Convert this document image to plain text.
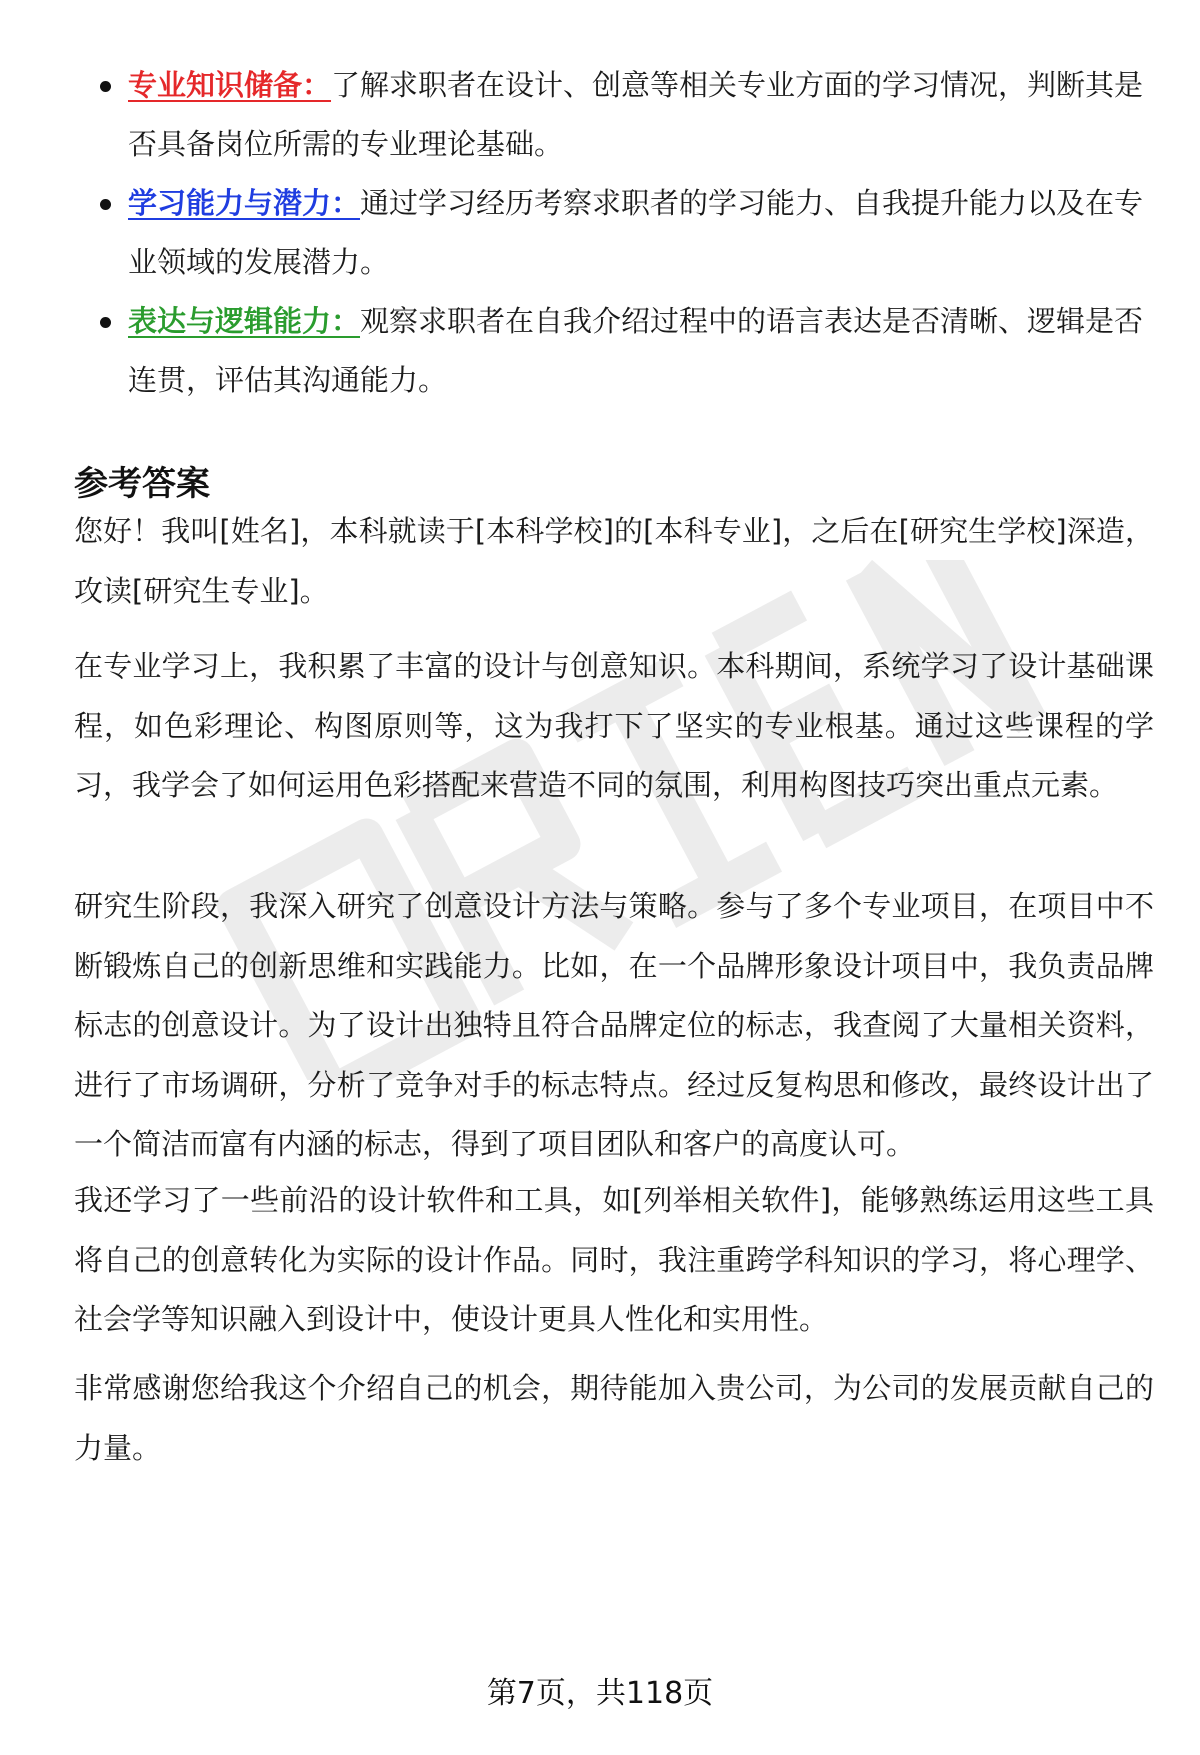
专业知识储备：了解求职者在设计、创意等相关专业方面的学习情况，判断其是否具备岗位所需的专业理论基础。
学习能力与潜力：通过学习经历考察求职者的学习能力、自我提升能力以及在专业领域的发展潜力。
表达与逻辑能力：观察求职者在自我介绍过程中的语言表达是否清晰、逻辑是否连贯，评估其沟通能力。
参考答案

您好！我叫[姓名]，本科就读于[本科学校]的[本科专业]，之后在[研究生学校]深造，攻读[研究生专业]。

在专业学习上，我积累了丰富的设计与创意知识。本科期间，系统学习了设计基础课程，如色彩理论、构图原则等，这为我打下了坚实的专业根基。通过这些课程的学习，我学会了如何运用色彩搭配来营造不同的氛围，利用构图技巧突出重点元素。

研究生阶段，我深入研究了创意设计方法与策略。参与了多个专业项目，在项目中不断锻炼自己的创新思维和实践能力。比如，在一个品牌形象设计项目中，我负责品牌标志的创意设计。为了设计出独特且符合品牌定位的标志，我查阅了大量相关资料，进行了市场调研，分析了竞争对手的标志特点。经过反复构思和修改，最终设计出了一个简洁而富有内涵的标志，得到了项目团队和客户的高度认可。

我还学习了一些前沿的设计软件和工具，如[列举相关软件]，能够熟练运用这些工具将自己的创意转化为实际的设计作品。同时，我注重跨学科知识的学习，将心理学、社会学等知识融入到设计中，使设计更具人性化和实用性。

非常感谢您给我这个介绍自己的机会，期待能加入贵公司，为公司的发展贡献自己的力量。

第7页，共118页
